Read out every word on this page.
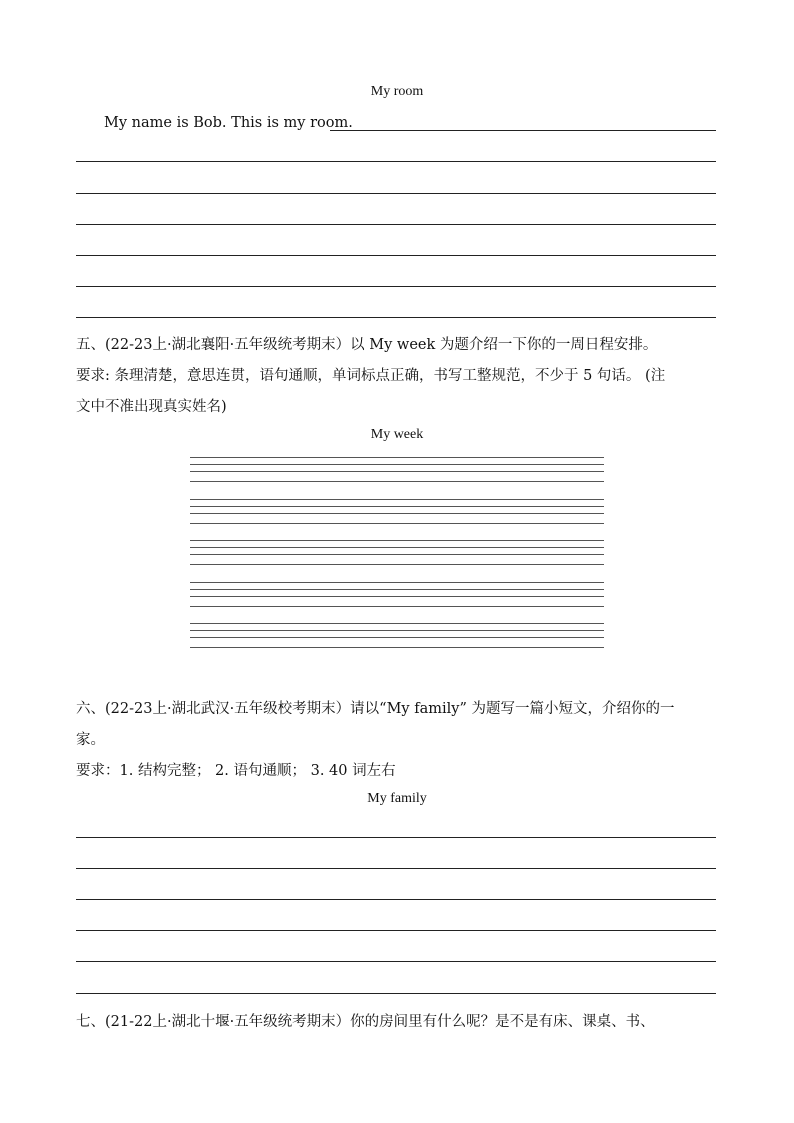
My room
My name is Bob. This is my room.
五、(22-23上·湖北襄阳·五年级统考期末）以 My week 为题介绍一下你的一周日程安排。
要求: 条理清楚，意思连贯，语句通顺，单词标点正确，书写工整规范，不少于 5 句话。 (注
文中不准出现真实姓名)
My week
六、(22-23上·湖北武汉·五年级校考期末）请以“My family” 为题写一篇小短文，介绍你的一
家。
要求：1. 结构完整； 2. 语句通顺； 3. 40 词左右
My family
七、(21-22上·湖北十堰·五年级统考期末）你的房间里有什么呢？是不是有床、课桌、书、
